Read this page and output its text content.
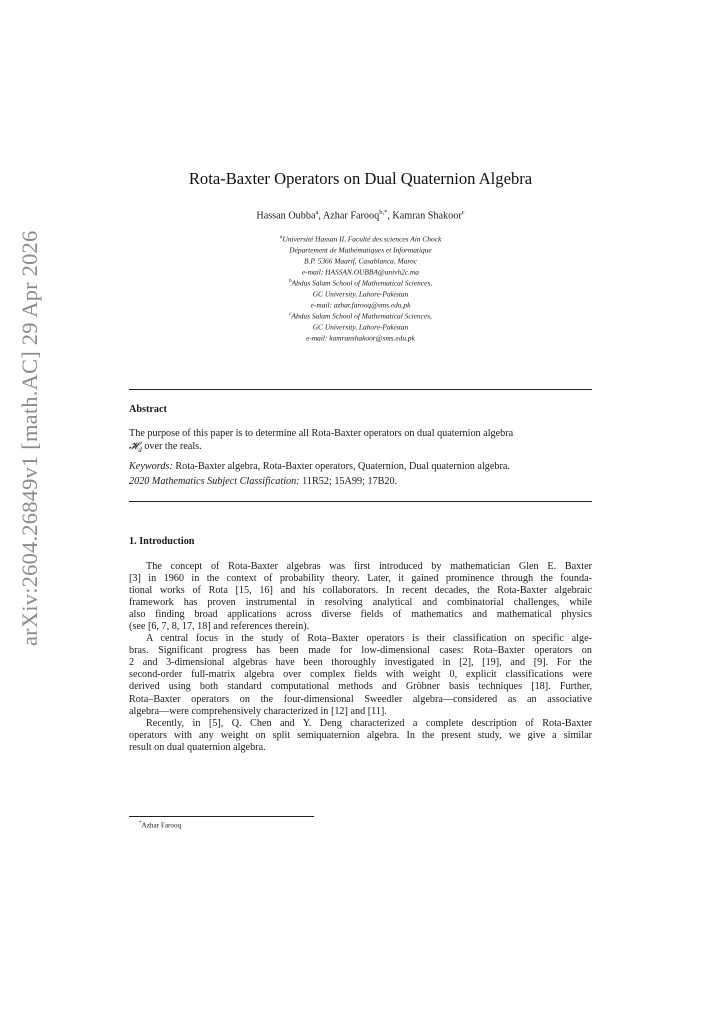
arXiv:2604.26849v1 [math.AC] 29 Apr 2026
Rota-Baxter Operators on Dual Quaternion Algebra
Hassan Oubba$^a$, Azhar Farooq$^{b,*}$, Kamran Shakoor$^c$
$^a$Université Hassan II, Faculté des sciences Ain Chock
Département de Mathématiques et Informatique
B.P. 5366 Maarif, Casablanca, Maroc
e-mail: HASSAN.OUBBA@univh2c.ma
$^b$Abdus Salam School of Mathematical Sciences,
GC University, Lahore-Pakistan
e-mail: azhar.farooq@sms.edu.pk
$^c$Abdus Salam School of Mathematical Sciences,
GC University, Lahore-Pakistan
e-mail: kamranshakoor@sms.edu.pk
Abstract
The purpose of this paper is to determine all Rota-Baxter operators on dual quaternion algebra
𝓗$_d$ over the reals.
Keywords: Rota-Baxter algebra, Rota-Baxter operators, Quaternion, Dual quaternion algebra.
2020 Mathematics Subject Classification: 11R52; 15A99; 17B20.
1. Introduction
The concept of Rota-Baxter algebras was first introduced by mathematician Glen E. Baxter
[3] in 1960 in the context of probability theory. Later, it gained prominence through the founda-
tional works of Rota [15, 16] and his collaborators. In recent decades, the Rota-Baxter algebraic
framework has proven instrumental in resolving analytical and combinatorial challenges, while
also finding broad applications across diverse fields of mathematics and mathematical physics
(see [6, 7, 8, 17, 18] and references therein).
A central focus in the study of Rota–Baxter operators is their classification on specific alge-
bras. Significant progress has been made for low-dimensional cases: Rota–Baxter operators on
2 and 3-dimensional algebras have been thoroughly investigated in [2], [19], and [9]. For the
second-order full-matrix algebra over complex fields with weight 0, explicit classifications were
derived using both standard computational methods and Gröbner basis techniques [18]. Further,
Rota–Baxter operators on the four-dimensional Sweedler algebra—considered as an associative
algebra—were comprehensively characterized in [12] and [11].
Recently, in [5], Q. Chen and Y. Deng characterized a complete description of Rota-Baxter
operators with any weight on split semiquaternion algebra. In the present study, we give a similar
result on dual quaternion algebra.
*Azhar Farooq
